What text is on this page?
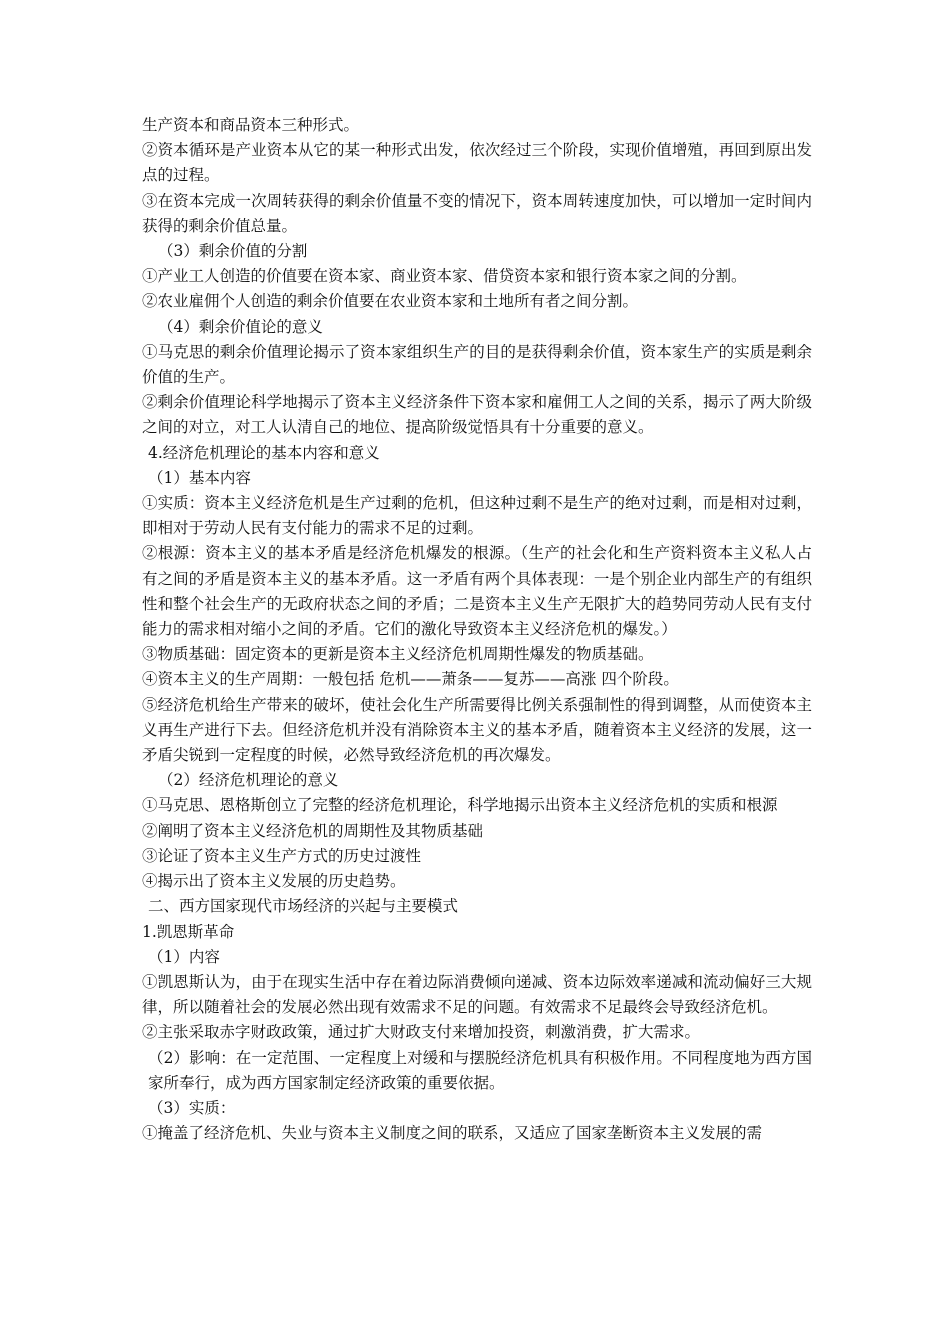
生产资本和商品资本三种形式。

②资本循环是产业资本从它的某一种形式出发，依次经过三个阶段，实现价值增殖，再回到原出发点的过程。

③在资本完成一次周转获得的剩余价值量不变的情况下，资本周转速度加快，可以增加一定时间内获得的剩余价值总量。

（3）剩余价值的分割

①产业工人创造的价值要在资本家、商业资本家、借贷资本家和银行资本家之间的分割。

②农业雇佣个人创造的剩余价值要在农业资本家和土地所有者之间分割。

（4）剩余价值论的意义

①马克思的剩余价值理论揭示了资本家组织生产的目的是获得剩余价值，资本家生产的实质是剩余价值的生产。

②剩余价值理论科学地揭示了资本主义经济条件下资本家和雇佣工人之间的关系，揭示了两大阶级之间的对立，对工人认清自己的地位、提高阶级觉悟具有十分重要的意义。

4.经济危机理论的基本内容和意义

（1）基本内容

①实质：资本主义经济危机是生产过剩的危机，但这种过剩不是生产的绝对过剩，而是相对过剩，即相对于劳动人民有支付能力的需求不足的过剩。

②根源：资本主义的基本矛盾是经济危机爆发的根源。（生产的社会化和生产资料资本主义私人占有之间的矛盾是资本主义的基本矛盾。这一矛盾有两个具体表现：一是个别企业内部生产的有组织性和整个社会生产的无政府状态之间的矛盾；二是资本主义生产无限扩大的趋势同劳动人民有支付能力的需求相对缩小之间的矛盾。它们的激化导致资本主义经济危机的爆发。）

③物质基础：固定资本的更新是资本主义经济危机周期性爆发的物质基础。

④资本主义的生产周期：一般包括 危机——萧条——复苏——高涨 四个阶段。

⑤经济危机给生产带来的破坏，使社会化生产所需要得比例关系强制性的得到调整，从而使资本主义再生产进行下去。但经济危机并没有消除资本主义的基本矛盾，随着资本主义经济的发展，这一矛盾尖锐到一定程度的时候，必然导致经济危机的再次爆发。

（2）经济危机理论的意义

①马克思、恩格斯创立了完整的经济危机理论，科学地揭示出资本主义经济危机的实质和根源

②阐明了资本主义经济危机的周期性及其物质基础

③论证了资本主义生产方式的历史过渡性

④揭示出了资本主义发展的历史趋势。

二、西方国家现代市场经济的兴起与主要模式

1.凯恩斯革命

（1）内容

①凯恩斯认为，由于在现实生活中存在着边际消费倾向递减、资本边际效率递减和流动偏好三大规律，所以随着社会的发展必然出现有效需求不足的问题。有效需求不足最终会导致经济危机。

②主张采取赤字财政政策，通过扩大财政支付来增加投资，刺激消费，扩大需求。

（2）影响：在一定范围、一定程度上对缓和与摆脱经济危机具有积极作用。不同程度地为西方国家所奉行，成为西方国家制定经济政策的重要依据。

（3）实质：

①掩盖了经济危机、失业与资本主义制度之间的联系，又适应了国家垄断资本主义发展的需
